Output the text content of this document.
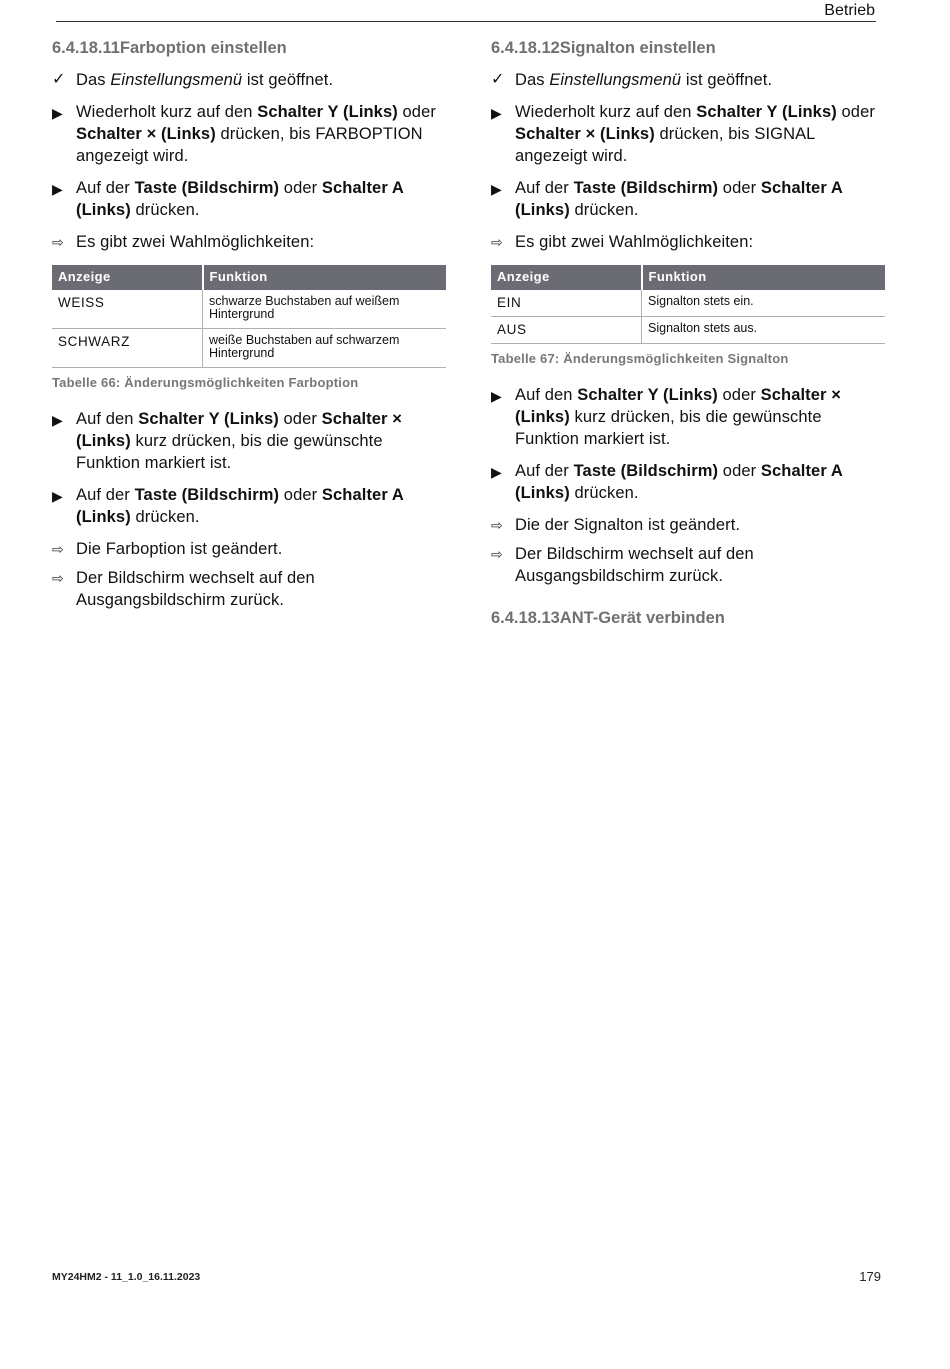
Betrieb
6.4.18.11Farboption einstellen
✓ Das Einstellungsmenü ist geöffnet.
▶ Wiederholt kurz auf den Schalter Y (Links) oder Schalter × (Links) drücken, bis FARBOPTION angezeigt wird.
▶ Auf der Taste (Bildschirm) oder Schalter A (Links) drücken.
⇨ Es gibt zwei Wahlmöglichkeiten:
Anzeige	Funktion
WEISS	schwarze Buchstaben auf weißem Hintergrund
SCHWARZ	weiße Buchstaben auf schwarzem Hintergrund
Tabelle 66: Änderungsmöglichkeiten Farboption
▶ Auf den Schalter Y (Links) oder Schalter × (Links) kurz drücken, bis die gewünschte Funktion markiert ist.
▶ Auf der Taste (Bildschirm) oder Schalter A (Links) drücken.
⇨ Die Farboption ist geändert.
⇨ Der Bildschirm wechselt auf den Ausgangsbildschirm zurück.
6.4.18.12Signalton einstellen
✓ Das Einstellungsmenü ist geöffnet.
▶ Wiederholt kurz auf den Schalter Y (Links) oder Schalter × (Links) drücken, bis SIGNAL angezeigt wird.
▶ Auf der Taste (Bildschirm) oder Schalter A (Links) drücken.
⇨ Es gibt zwei Wahlmöglichkeiten:
Anzeige	Funktion
EIN	Signalton stets ein.
AUS	Signalton stets aus.
Tabelle 67: Änderungsmöglichkeiten Signalton
▶ Auf den Schalter Y (Links) oder Schalter × (Links) kurz drücken, bis die gewünschte Funktion markiert ist.
▶ Auf der Taste (Bildschirm) oder Schalter A (Links) drücken.
⇨ Die der Signalton ist geändert.
⇨ Der Bildschirm wechselt auf den Ausgangsbildschirm zurück.
6.4.18.13ANT-Gerät verbinden
MY24HM2 - 11_1.0_16.11.2023	179
